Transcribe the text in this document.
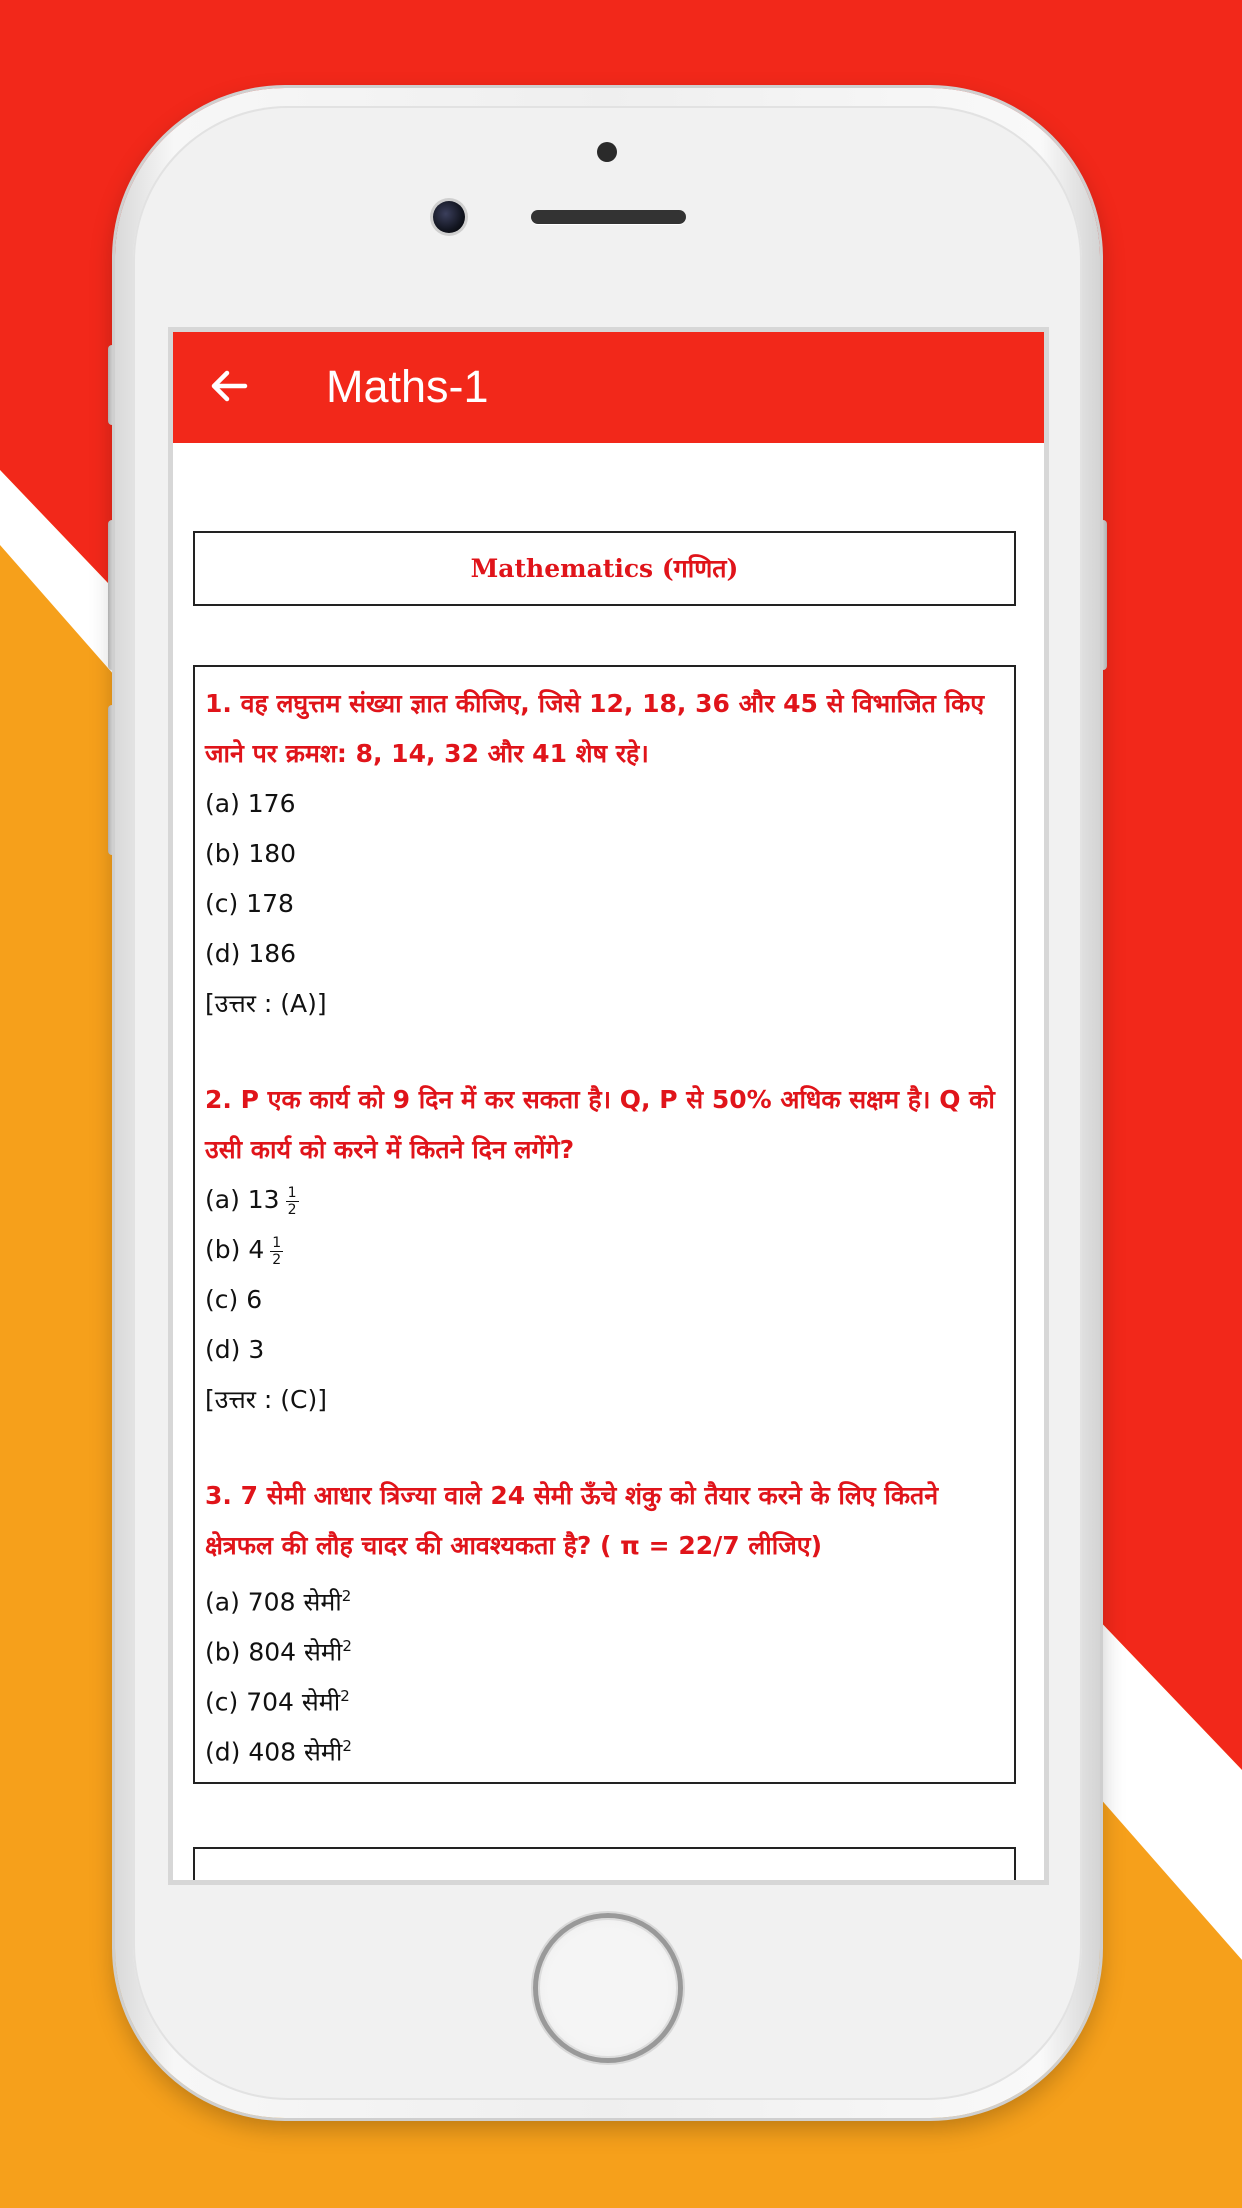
Maths-1
Mathematics (गणित)

1. वह लघुत्तम संख्या ज्ञात कीजिए, जिसे 12, 18, 36 और 45 से विभाजित किए जाने पर क्रमश: 8, 14, 32 और 41 शेष रहे।

(a) 176

(b) 180

(c) 178

(d) 186

[उत्तर : (A)]

2. P एक कार्य को 9 दिन में कर सकता है। Q, P से 50% अधिक सक्षम है। Q को उसी कार्य को करने में कितने दिन लगेंगे?

(a) $13 \frac{1}{2}$

(b) $4 \frac{1}{2}$

(c) 6

(d) 3

[उत्तर : (C)]

3. 7 सेमी आधार त्रिज्या वाले 24 सेमी ऊँचे शंकु को तैयार करने के लिए कितने क्षेत्रफल की लौह चादर की आवश्यकता है? ( π = 22/7 लीजिए)

(a) 708 सेमी$^2$

(b) 804 सेमी$^2$

(c) 704 सेमी$^2$

(d) 408 सेमी$^2$
